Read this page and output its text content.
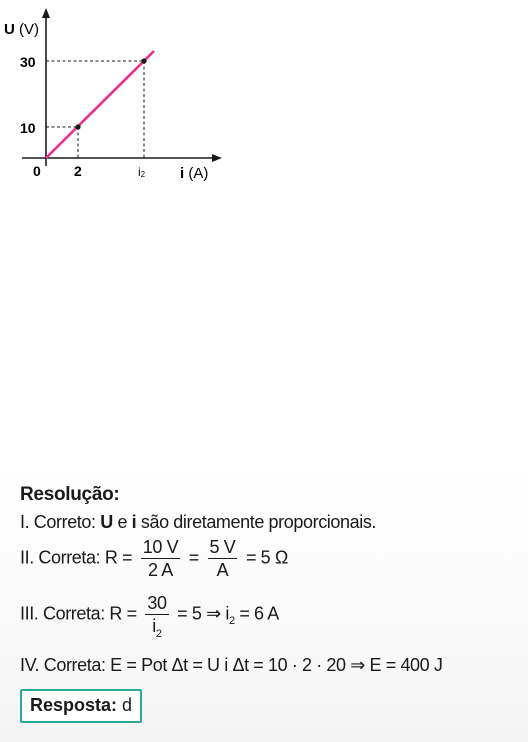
30
10
0 2	i2
U (V)
i (A)
Resolução:
I. Correto: U e i são diretamente proporcionais.
II. Correta: $R = \frac{10 V}{2 A} = \frac{5 V}{A} = 5$ Ω
III. Correta: $R = \frac{30}{i_2} = 5$ ⇒ $i_2 = 6$ A
IV. Correta: E = Pot Δt = U i Δt = 10 · 2 · 20 ⇒ E = 400 J
Resposta: d
